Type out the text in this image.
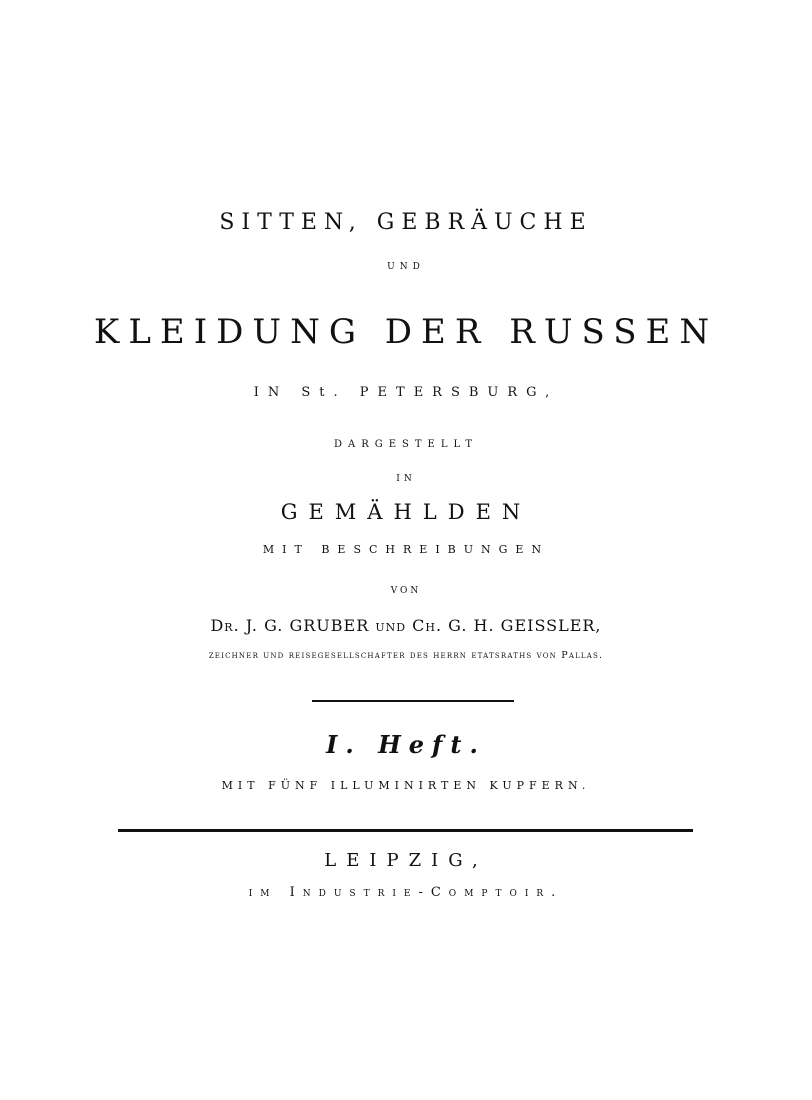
SITTEN, GEBRÄUCHE
UND
KLEIDUNG DER RUSSEN
IN St. PETERSBURG,
DARGESTELLT
IN
GEMÄHLDEN
MIT BESCHREIBUNGEN
VON
Dr. J. G. GRUBER und Ch. G. H. GEISSLER,
zeichner und reisegesellschafter des herrn etatsraths von Pallas.
I. Heft.
MIT FÜNF ILLUMINIRTEN KUPFERN.
LEIPZIG,
im Industrie-Comptoir.
